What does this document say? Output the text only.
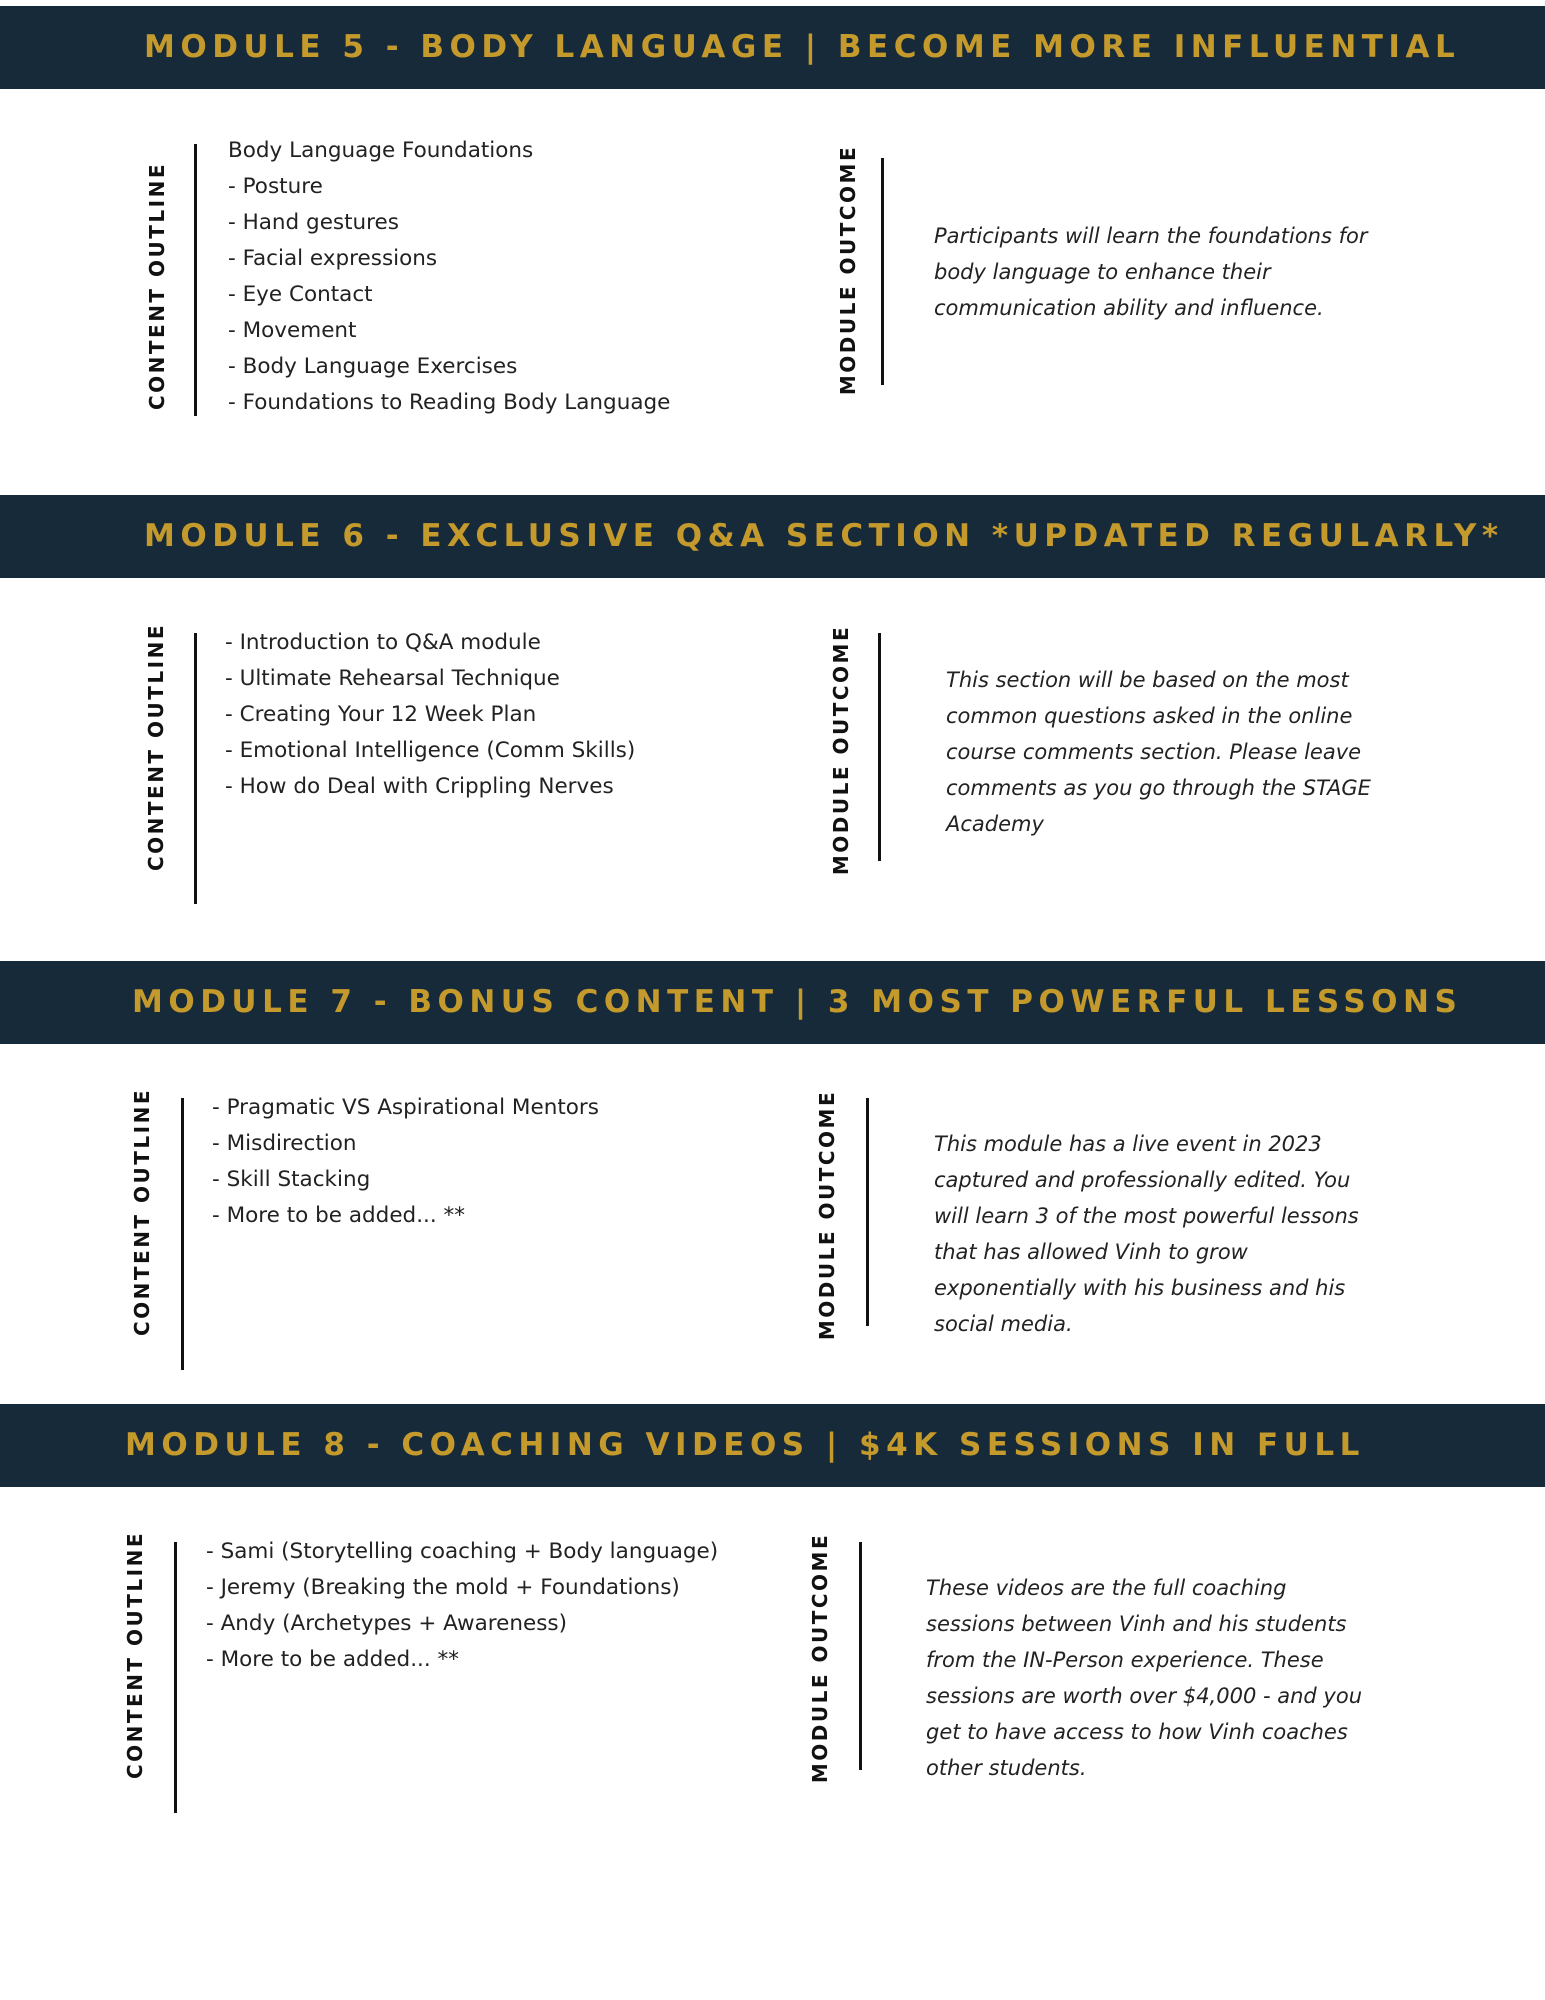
MODULE 5 - BODY LANGUAGE | BECOME MORE INFLUENTIAL
CONTENT OUTLINE
Body Language Foundations
- Posture
- Hand gestures
- Facial expressions
- Eye Contact
- Movement
- Body Language Exercises
- Foundations to Reading Body Language
MODULE OUTCOME	Participants will learn the foundations for body language to enhance their communication ability and influence.

MODULE 6 - EXCLUSIVE Q&A SECTION *UPDATED REGULARLY*
CONTENT OUTLINE	- Introduction to Q&A module
- Ultimate Rehearsal Technique
- Creating Your 12 Week Plan
- Emotional Intelligence (Comm Skills)
- How do Deal with Crippling Nerves	MODULE OUTCOME	This section will be based on the most common questions asked in the online course comments section. Please leave comments as you go through the STAGE Academy

MODULE 7 - BONUS CONTENT | 3 MOST POWERFUL LESSONS
CONTENT OUTLINE	- Pragmatic VS Aspirational Mentors
- Misdirection
- Skill Stacking
- More to be added... **	MODULE OUTCOME	This module has a live event in 2023 captured and professionally edited. You will learn 3 of the most powerful lessons that has allowed Vinh to grow exponentially with his business and his social media.

MODULE 8 - COACHING VIDEOS | $4K SESSIONS IN FULL
CONTENT OUTLINE	- Sami (Storytelling coaching + Body language)
- Jeremy (Breaking the mold + Foundations)
- Andy (Archetypes + Awareness)
- More to be added... **	MODULE OUTCOME	These videos are the full coaching sessions between Vinh and his students from the IN-Person experience. These sessions are worth over $4,000 - and you get to have access to how Vinh coaches other students.
